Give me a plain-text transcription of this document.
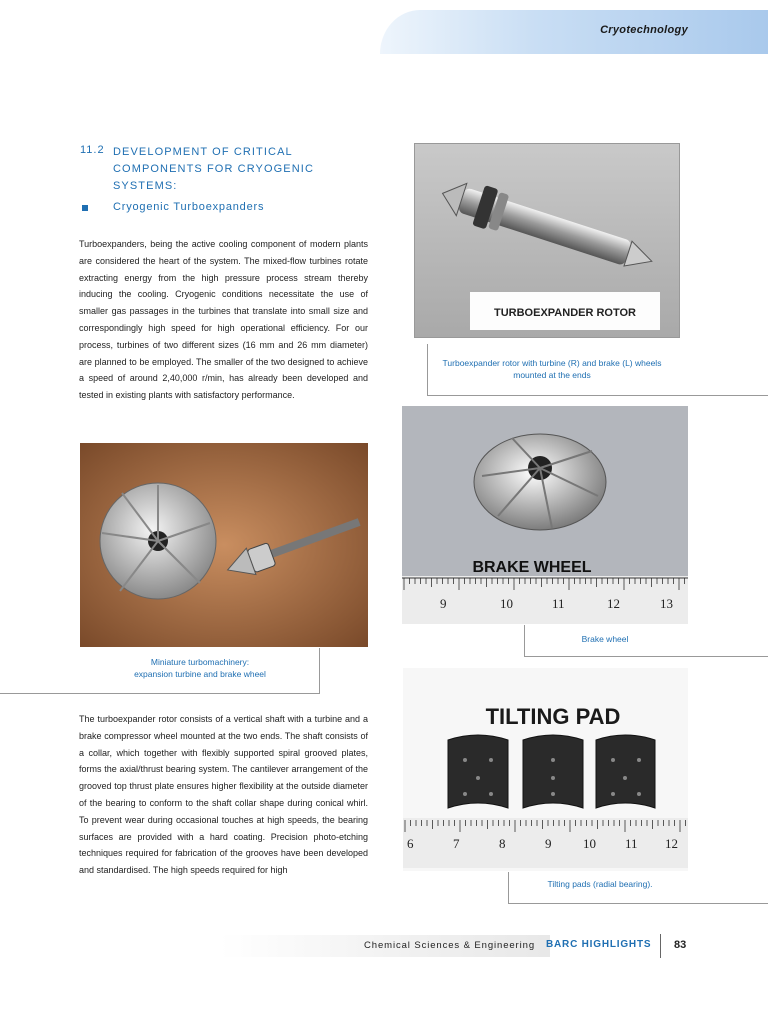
Cryotechnology
11.2 DEVELOPMENT OF CRITICAL COMPONENTS FOR CRYOGENIC SYSTEMS:
Cryogenic Turboexpanders
Turboexpanders, being the active cooling component of modern plants are considered the heart of the system. The mixed-flow turbines rotate extracting energy from the high pressure process stream thereby inducing the cooling. Cryogenic conditions necessitate the use of smaller gas passages in the turbines that translate into small size and correspondingly high speed for high operational efficiency. For our process, turbines of two different sizes (16 mm and 26 mm diameter) are planned to be employed. The smaller of the two designed to achieve a speed of around 2,40,000 r/min, has already been developed and tested in existing plants with satisfactory performance.
The turboexpander rotor consists of a vertical shaft with a turbine and a brake compressor wheel mounted at the two ends. The shaft consists of a collar, which together with flexibly supported spiral grooved plates, forms the axial/thrust bearing system. The cantilever arrangement of the grooved top thrust plate ensures higher flexibility at the outside diameter of the bearing to conform to the shaft collar shape during conical whirl. To prevent wear during occasional touches at high speeds, the bearing surfaces are provided with a hard coating. Precision photo-etching techniques required for fabrication of the grooves have been developed and standardised. The high speeds required for high
TURBOEXPANDER ROTOR
Turboexpander rotor with turbine (R) and brake (L) wheels mounted at the ends
Miniature turbomachinery:
expansion turbine and brake wheel
BRAKE WHEEL
9	10	11	12	13
Brake wheel
TILTING PAD
6	7	8	9 10 11 12
Tilting pads (radial bearing).
Chemical Sciences & Engineering BARC HIGHLIGHTS 83
